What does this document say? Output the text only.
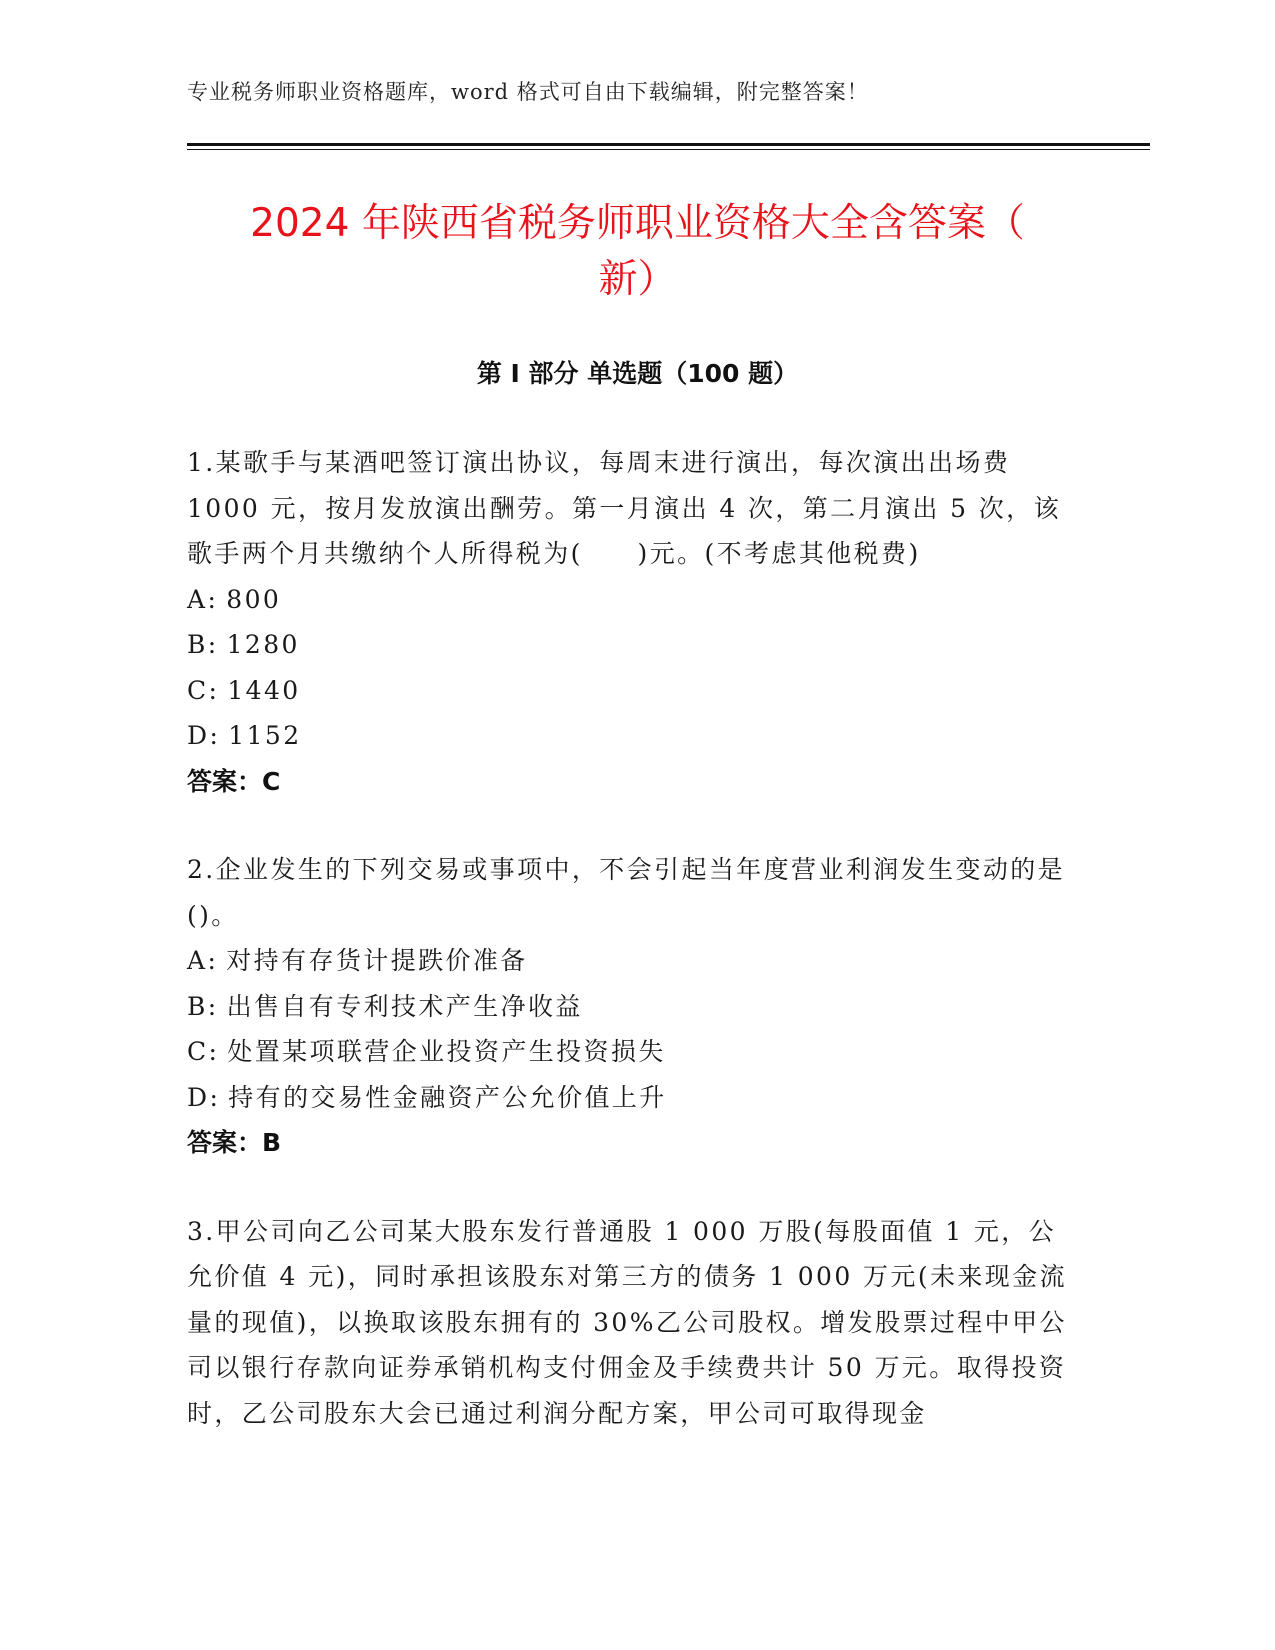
专业税务师职业资格题库，word 格式可自由下载编辑，附完整答案！
2024 年陕西省税务师职业资格大全含答案（
新）
第 I 部分 单选题（100 题）

1.某歌手与某酒吧签订演出协议，每周末进行演出，每次演出出场费 1000 元，按月发放演出酬劳。第一月演出 4 次，第二月演出 5 次，该歌手两个月共缴纳个人所得税为(　　)元。(不考虑其他税费)

A: 800

B: 1280

C: 1440

D: 1152

答案：C

2.企业发生的下列交易或事项中，不会引起当年度营业利润发生变动的是()。

A: 对持有存货计提跌价准备

B: 出售自有专利技术产生净收益

C: 处置某项联营企业投资产生投资损失

D: 持有的交易性金融资产公允价值上升

答案：B

3.甲公司向乙公司某大股东发行普通股 1 000 万股(每股面值 1 元，公允价值 4 元)，同时承担该股东对第三方的债务 1 000 万元(未来现金流量的现值)，以换取该股东拥有的 30%乙公司股权。增发股票过程中甲公司以银行存款向证券承销机构支付佣金及手续费共计 50 万元。取得投资时，乙公司股东大会已通过利润分配方案，甲公司可取得现金
